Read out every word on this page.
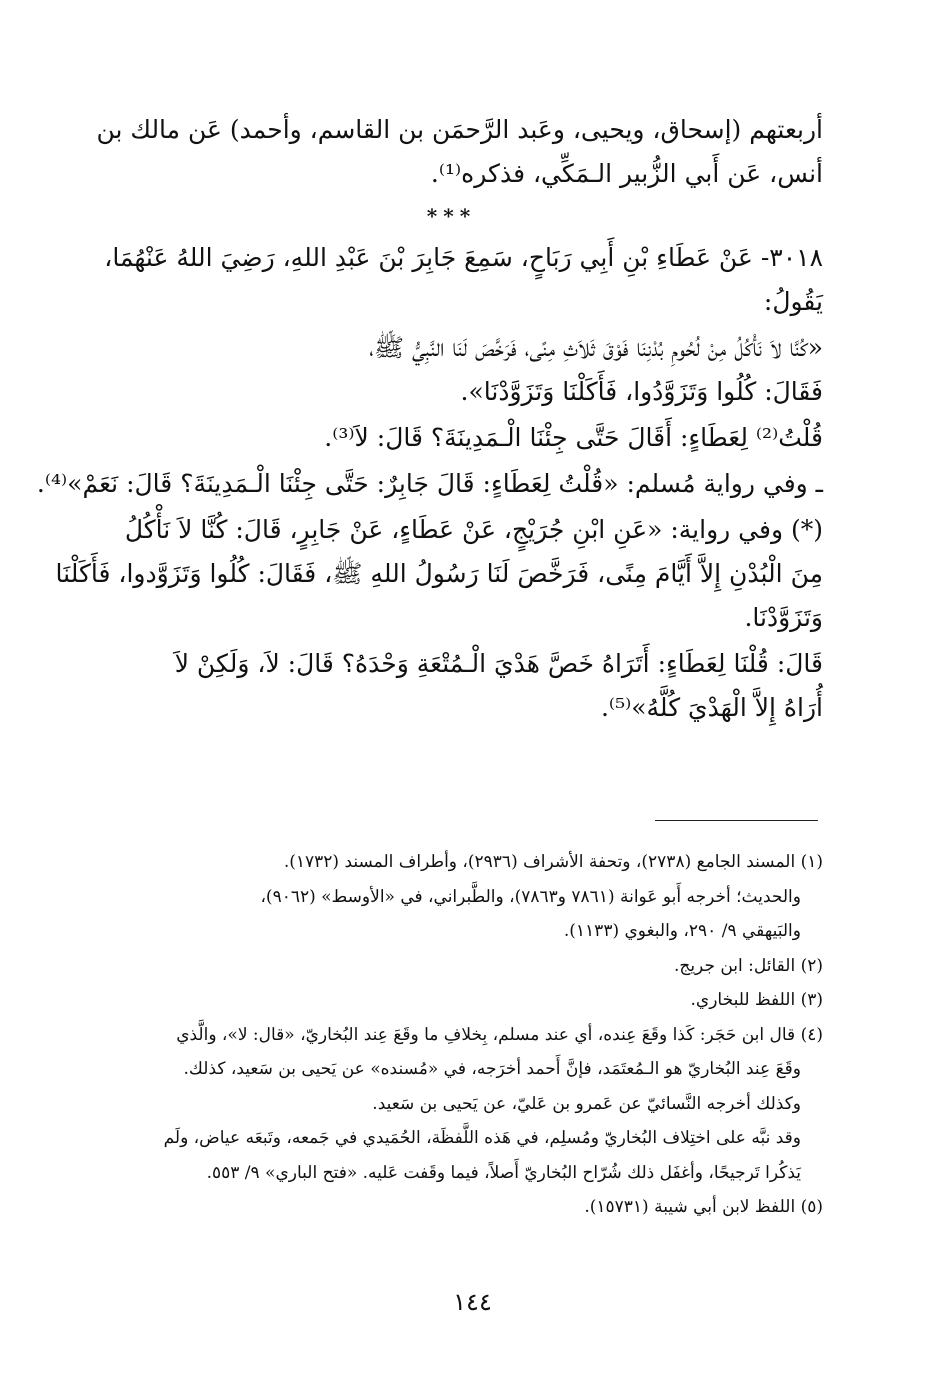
أربعتهم (إسحاق، ويحيى، وعَبد الرَّحمَن بن القاسم، وأحمد) عَن مالك بن
أنس، عَن أَبي الزُّبير الـمَكِّي، فذكره⁽¹⁾.
***
٣٠١٨- عَنْ عَطَاءِ بْنِ أَبِي رَبَاحٍ، سَمِعَ جَابِرَ بْنَ عَبْدِ اللهِ، رَضِيَ اللهُ عَنْهُمَا،
يَقُولُ:
«كُنَّا لاَ نَأْكُلُ مِنْ لُحُومِ بُدْنِنَا فَوْقَ ثَلاَثِ مِنًى، فَرَخَّصَ لَنَا النَّبِيُّ ﷺ،
فَقَالَ: كُلُوا وَتَزَوَّدُوا، فَأَكَلْنَا وَتَزَوَّدْنَا».
قُلْتُ⁽²⁾ لِعَطَاءٍ: أَقَالَ حَتَّى جِئْنَا الْـمَدِينَةَ؟ قَالَ: لاَ⁽³⁾.
ـ وفي رواية مُسلم: «قُلْتُ لِعَطَاءٍ: قَالَ جَابِرٌ: حَتَّى جِئْنَا الْـمَدِينَةَ؟ قَالَ: نَعَمْ»⁽⁴⁾.
(*) وفي رواية: «عَنِ ابْنِ جُرَيْجٍ، عَنْ عَطَاءٍ، عَنْ جَابِرٍ، قَالَ: كُنَّا لاَ نَأْكُلُ
مِنَ الْبُدْنِ إِلاَّ أَيَّامَ مِنًى، فَرَخَّصَ لَنَا رَسُولُ اللهِ ﷺ، فَقَالَ: كُلُوا وَتَزَوَّدوا، فَأَكَلْنَا
وَتَزَوَّدْنَا.
قَالَ: قُلْنَا لِعَطَاءٍ: أَتَرَاهُ خَصَّ هَدْيَ الْـمُتْعَةِ وَحْدَهُ؟ قَالَ: لاَ، وَلَكِنْ لاَ
أُرَاهُ إِلاَّ الْهَدْيَ كُلَّهُ»⁽⁵⁾.
(١) المسند الجامع (٢٧٣٨)، وتحفة الأشراف (٢٩٣٦)، وأطراف المسند (١٧٣٢).
والحديث؛ أخرجه أَبو عَوانة (٧٨٦١ و٧٨٦٣)، والطَّبراني، في «الأوسط» (٩٠٦٢)،
والبَيهقي ٩/ ٢٩٠، والبغوي (١١٣٣).
(٢) القائل: ابن جريج.
(٣) اللفظ للبخاري.
(٤) قال ابن حَجَر: كَذا وقَعَ عِنده، أي عند مسلم، بِخلافِ ما وقَعَ عِند البُخاريّ، «قال: لا»، والَّذي
وقَعَ عِند البُخاريّ هو الـمُعتَمَد، فإنَّ أَحمد أخرَجه، في «مُسنده» عن يَحيى بن سَعيد، كذلك.
وكذلك أخرجه النَّسائيّ عن عَمرو بن عَليّ، عن يَحيى بن سَعيد.
وقد نبَّه على اختِلاف البُخاريّ ومُسلِم، في هَذه اللَّفظَة، الحُمَيدي في جَمعه، وتَبعَه عياض، ولَم
يَذكُرا تَرجيحًا، وأغفَل ذلك شُرّاح البُخاريّ أَصلاً، فيما وقَفت عَليه. «فتح الباري» ٩/ ٥٥٣.
(٥) اللفظ لابن أبي شيبة (١٥٧٣١).
١٤٤
